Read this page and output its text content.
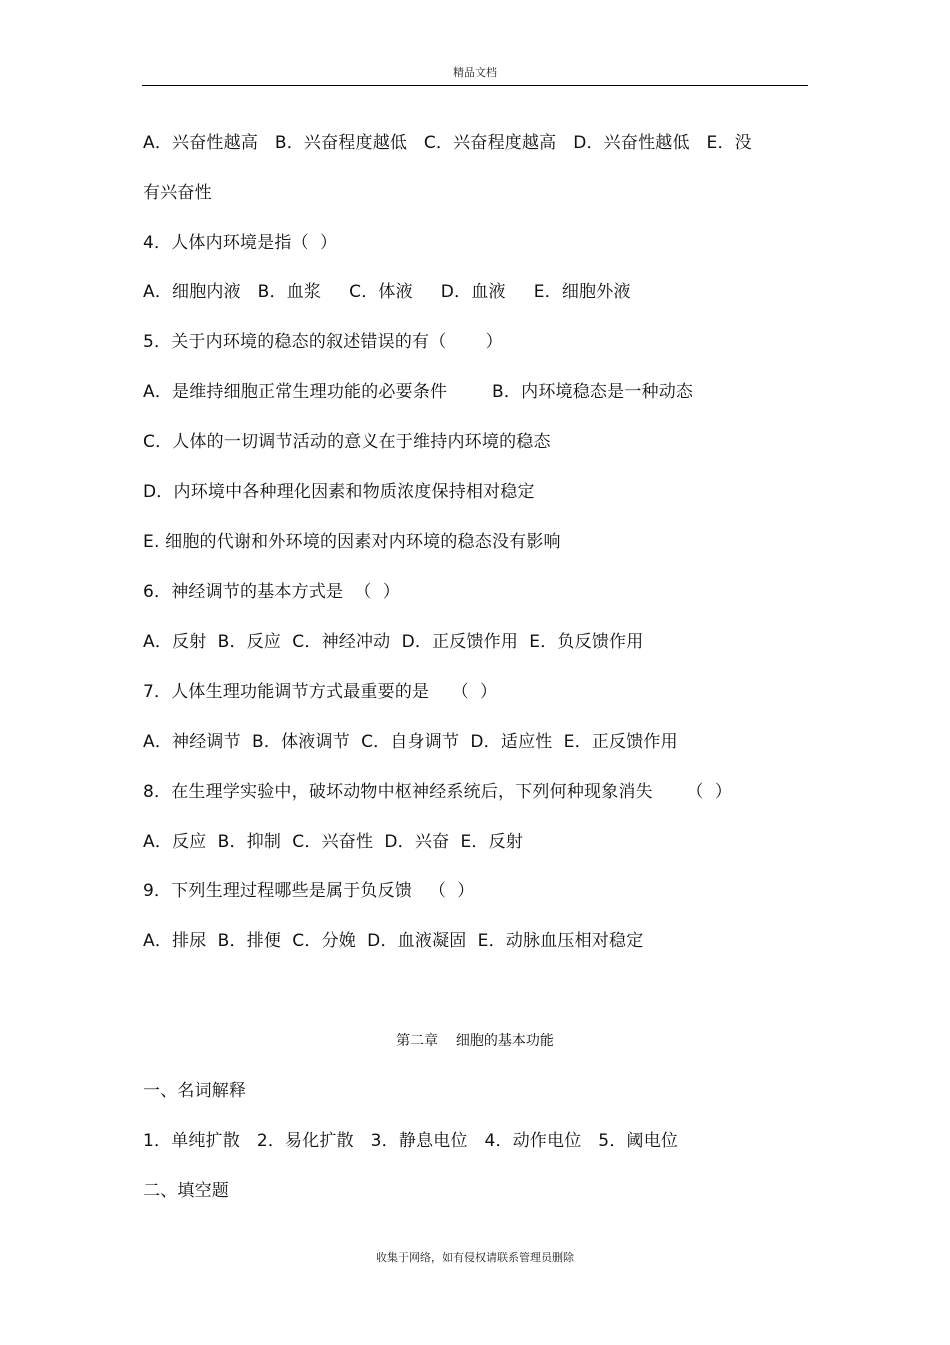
精品文档
A．兴奋性越高   B．兴奋程度越低   C．兴奋程度越高   D．兴奋性越低   E．没
有兴奋性
4．人体内环境是指（  ）
A．细胞内液   B．血浆     C．体液     D．血液     E．细胞外液
5．关于内环境的稳态的叙述错误的有（       ）
A．是维持细胞正常生理功能的必要条件        B．内环境稳态是一种动态
C．人体的一切调节活动的意义在于维持内环境的稳态
D．内环境中各种理化因素和物质浓度保持相对稳定
E. 细胞的代谢和外环境的因素对内环境的稳态没有影响
6．神经调节的基本方式是  （  ）
A．反射  B．反应  C．神经冲动  D．正反馈作用  E．负反馈作用
7．人体生理功能调节方式最重要的是    （  ）
A．神经调节  B．体液调节  C．自身调节  D．适应性  E．正反馈作用
8．在生理学实验中，破坏动物中枢神经系统后，下列何种现象消失      （  ）
A．反应  B．抑制  C．兴奋性  D．兴奋  E．反射
9．下列生理过程哪些是属于负反馈   （  ）
A．排尿  B．排便  C．分娩  D．血液凝固  E．动脉血压相对稳定
第二章    细胞的基本功能
一、名词解释
1．单纯扩散   2．易化扩散   3．静息电位   4．动作电位   5．阈电位
二、填空题
收集于网络，如有侵权请联系管理员删除
